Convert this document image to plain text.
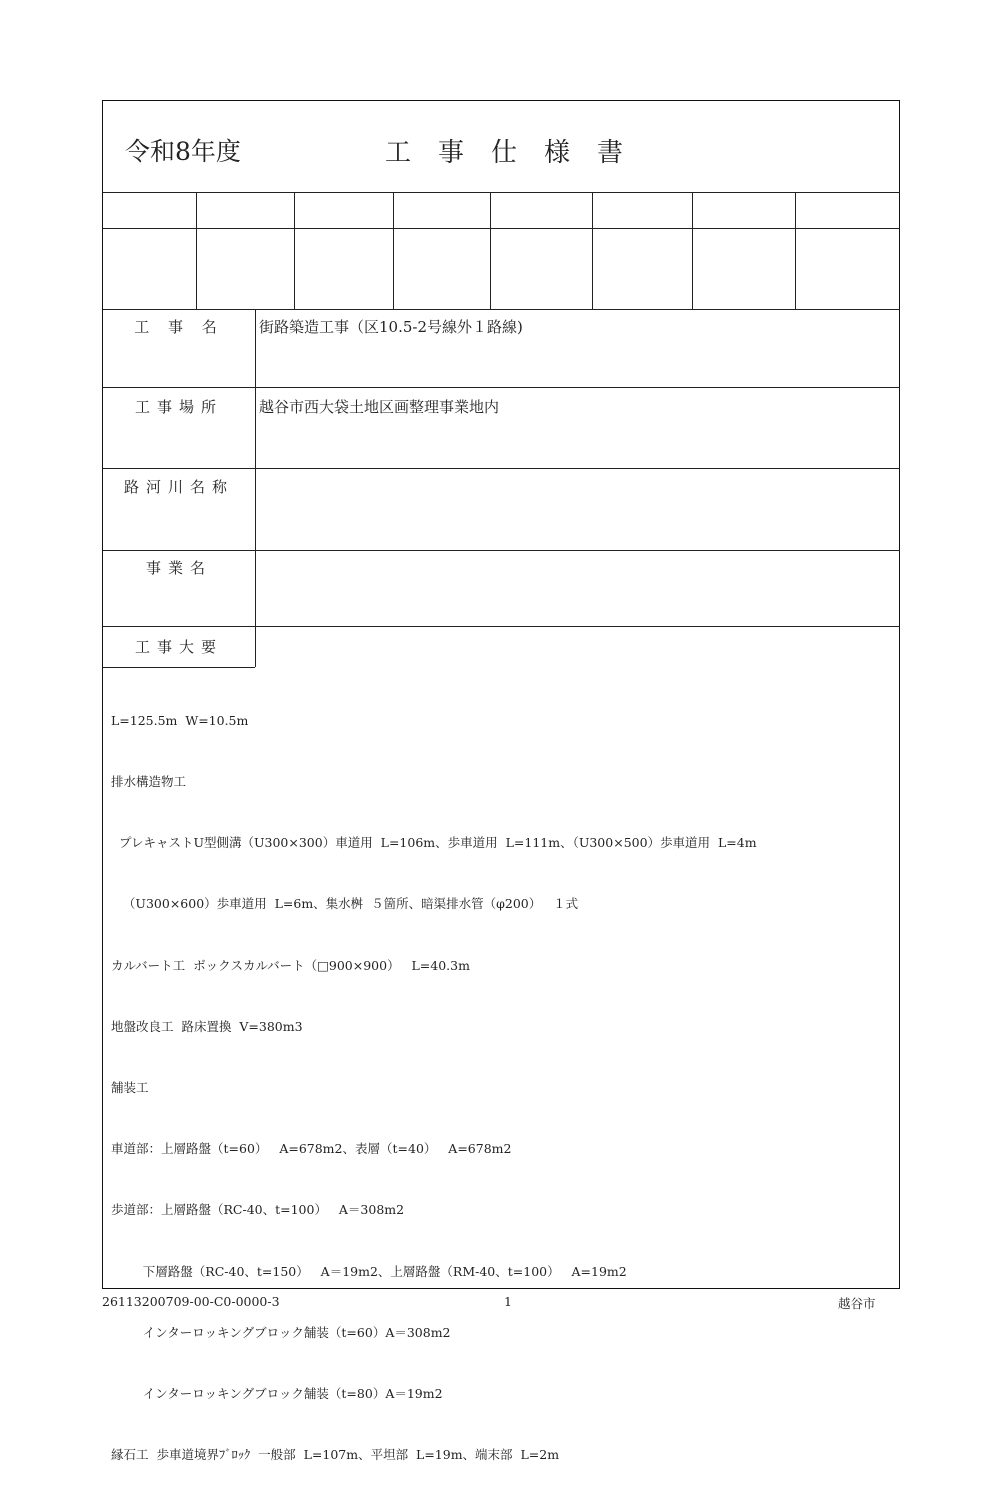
令和8年度	工事仕様書
工 事 名	街路築造工事（区10.5-2号線外１路線)
工事場所	越谷市西大袋土地区画整理事業地内
路河川名称
事業名
工事大要

L=125.5m  W=10.5m

排水構造物工

プレキャストU型側溝（U300×300）車道用  L=106m、歩車道用  L=111m、（U300×500）歩車道用  L=4m

（U300×600）歩車道用  L=6m、集水桝  ５箇所、暗渠排水管（φ200）   １式

カルバート工  ボックスカルバート（□900×900）   L=40.3m

地盤改良工  路床置換  V=380m3

舗装工

車道部：上層路盤（t=60）   A=678m2、表層（t=40）   A=678m2

歩道部：上層路盤（RC-40、t=100）   A＝308m2

下層路盤（RC-40、t=150）   A＝19m2、上層路盤（RM-40、t=100）   A=19m2

インターロッキングブロック舗装（t=60）A＝308m2

インターロッキングブロック舗装（t=80）A＝19m2

縁石工  歩車道境界ﾌﾞﾛｯｸ  一般部  L=107m、平坦部  L=19m、端末部  L=2m

26113200709-00-C0-0000-3	1	越谷市
